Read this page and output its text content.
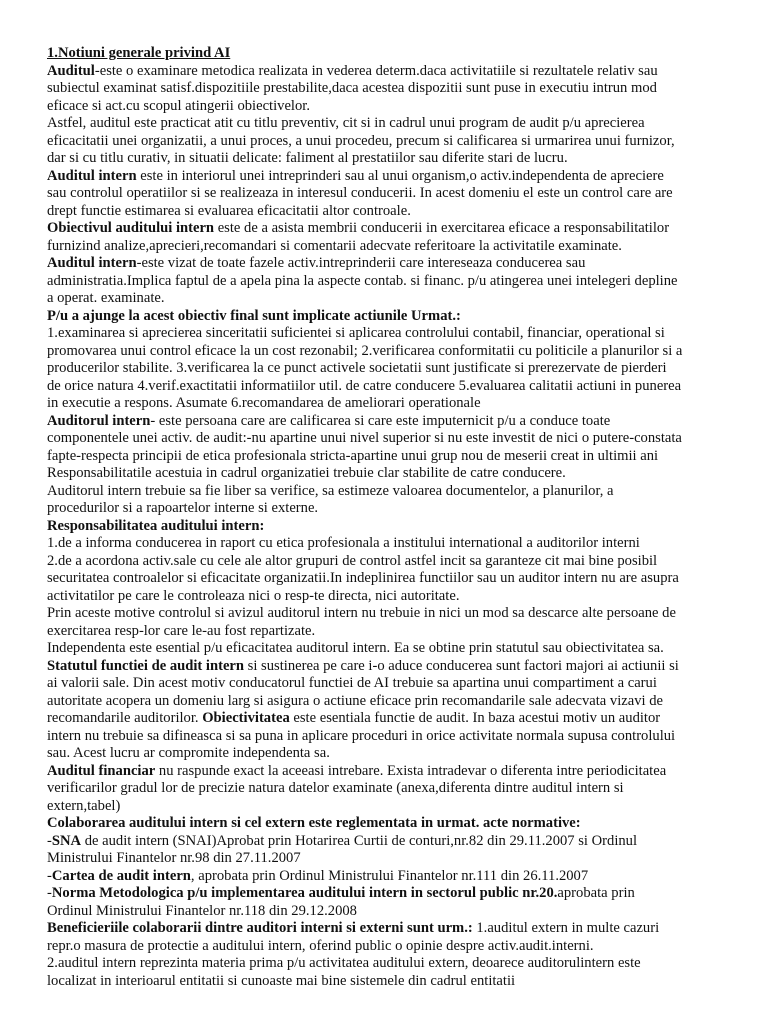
1.Notiuni generale privind AI
Auditul-este o examinare metodica realizata in vederea determ.daca activitatiile si rezultatele relativ sau
subiectul examinat satisf.dispozitiile prestabilite,daca acestea dispozitii sunt puse in executiu intrun mod
eficace si act.cu scopul atingerii obiectivelor.
Astfel, auditul este practicat atit cu titlu preventiv, cit si in cadrul unui program de audit p/u aprecierea
eficacitatii unei organizatii, a unui proces, a unui procedeu, precum si calificarea si urmarirea unui furnizor,
dar si cu titlu curativ, in situatii delicate: faliment al prestatiilor sau diferite stari de lucru.
Auditul intern este in interiorul unei intreprinderi sau al unui organism,o activ.independenta de apreciere
sau controlul operatiilor si se realizeaza in interesul conducerii. In acest domeniu el este un control care are
drept functie estimarea si evaluarea eficacitatii altor controale.
Obiectivul auditului intern este de a asista membrii conducerii in exercitarea eficace a responsabilitatilor
furnizind analize,aprecieri,recomandari si comentarii adecvate referitoare la activitatile examinate.
Auditul intern-este vizat de toate fazele activ.intreprinderii care intereseaza conducerea sau
administratia.Implica faptul de a apela pina la aspecte contab. si financ. p/u atingerea unei intelegeri depline
a operat. examinate.
P/u a ajunge la acest obiectiv final sunt implicate actiunile Urmat.:
1.examinarea si aprecierea sinceritatii suficientei si aplicarea controlului contabil, financiar, operational si
promovarea unui control eficace la un cost rezonabil; 2.verificarea conformitatii cu politicile a planurilor si a
producerilor stabilite. 3.verificarea la ce punct activele societatii sunt justificate si prerezervate de pierderi
de orice natura 4.verif.exactitatii informatiilor util. de catre conducere 5.evaluarea calitatii actiuni in punerea
in executie a respons. Asumate 6.recomandarea de ameliorari operationale
Auditorul intern- este persoana care are calificarea si care este imputernicit p/u a conduce toate
componentele unei activ. de audit:-nu apartine unui nivel superior si nu este investit de nici o putere-constata
fapte-respecta principii de etica profesionala stricta-apartine unui grup nou de meserii creat in ultimii ani
Responsabilitatile acestuia in cadrul organizatiei trebuie clar stabilite de catre conducere.
Auditorul intern trebuie sa fie liber sa verifice, sa estimeze valoarea documentelor, a planurilor, a
procedurilor si a rapoartelor interne si externe.
Responsabilitatea auditului intern:
1.de a informa conducerea in raport cu etica profesionala a institului international a auditorilor interni
2.de a acordona activ.sale cu cele ale altor grupuri de control astfel incit sa garanteze cit mai bine posibil
securitatea controalelor si eficacitate organizatii.In indeplinirea functiilor sau un auditor intern nu are asupra
activitatilor pe care le controleaza nici o resp-te directa, nici autoritate.
Prin aceste motive controlul si avizul auditorul intern nu trebuie in nici un mod sa descarce alte persoane de
exercitarea resp-lor care le-au fost repartizate.
Independenta este esential p/u eficacitatea auditorul intern. Ea se obtine prin statutul sau obiectivitatea sa.
Statutul functiei de audit intern si sustinerea pe care i-o aduce conducerea sunt factori majori ai actiunii si
ai valorii sale. Din acest motiv conducatorul functiei de AI trebuie sa apartina unui compartiment a carui
autoritate acopera un domeniu larg si asigura o actiune eficace prin recomandarile sale adecvata vizavi de
recomandarile auditorilor. Obiectivitatea este esentiala functie de audit. In baza acestui motiv un auditor
intern nu trebuie sa difineasca si sa puna in aplicare proceduri in orice activitate normala supusa controlului
sau. Acest lucru ar compromite independenta sa.
Auditul financiar nu raspunde exact la aceeasi intrebare. Exista intradevar o diferenta intre periodicitatea
verificarilor gradul lor de precizie natura datelor examinate (anexa,diferenta dintre auditul intern si
extern,tabel)
Colaborarea auditului intern si cel extern este reglementata in urmat. acte normative:
-SNA de audit intern (SNAI)Aprobat prin Hotarirea Curtii de conturi,nr.82 din 29.11.2007 si Ordinul
Ministrului Finantelor nr.98 din 27.11.2007
-Cartea de audit intern, aprobata prin Ordinul Ministrului Finantelor nr.111 din 26.11.2007
-Norma Metodologica p/u implementarea auditului intern in sectorul public nr.20.aprobata prin
Ordinul Ministrului Finantelor nr.118 din 29.12.2008
Beneficieriile colaborarii dintre auditori interni si externi sunt urm.: 1.auditul extern in multe cazuri
repr.o masura de protectie a auditului intern, oferind public o opinie despre activ.audit.interni.
2.auditul intern reprezinta materia prima p/u activitatea auditului extern, deoarece auditorulintern este
localizat in interioarul entitatii si cunoaste mai bine sistemele din cadrul entitatii
